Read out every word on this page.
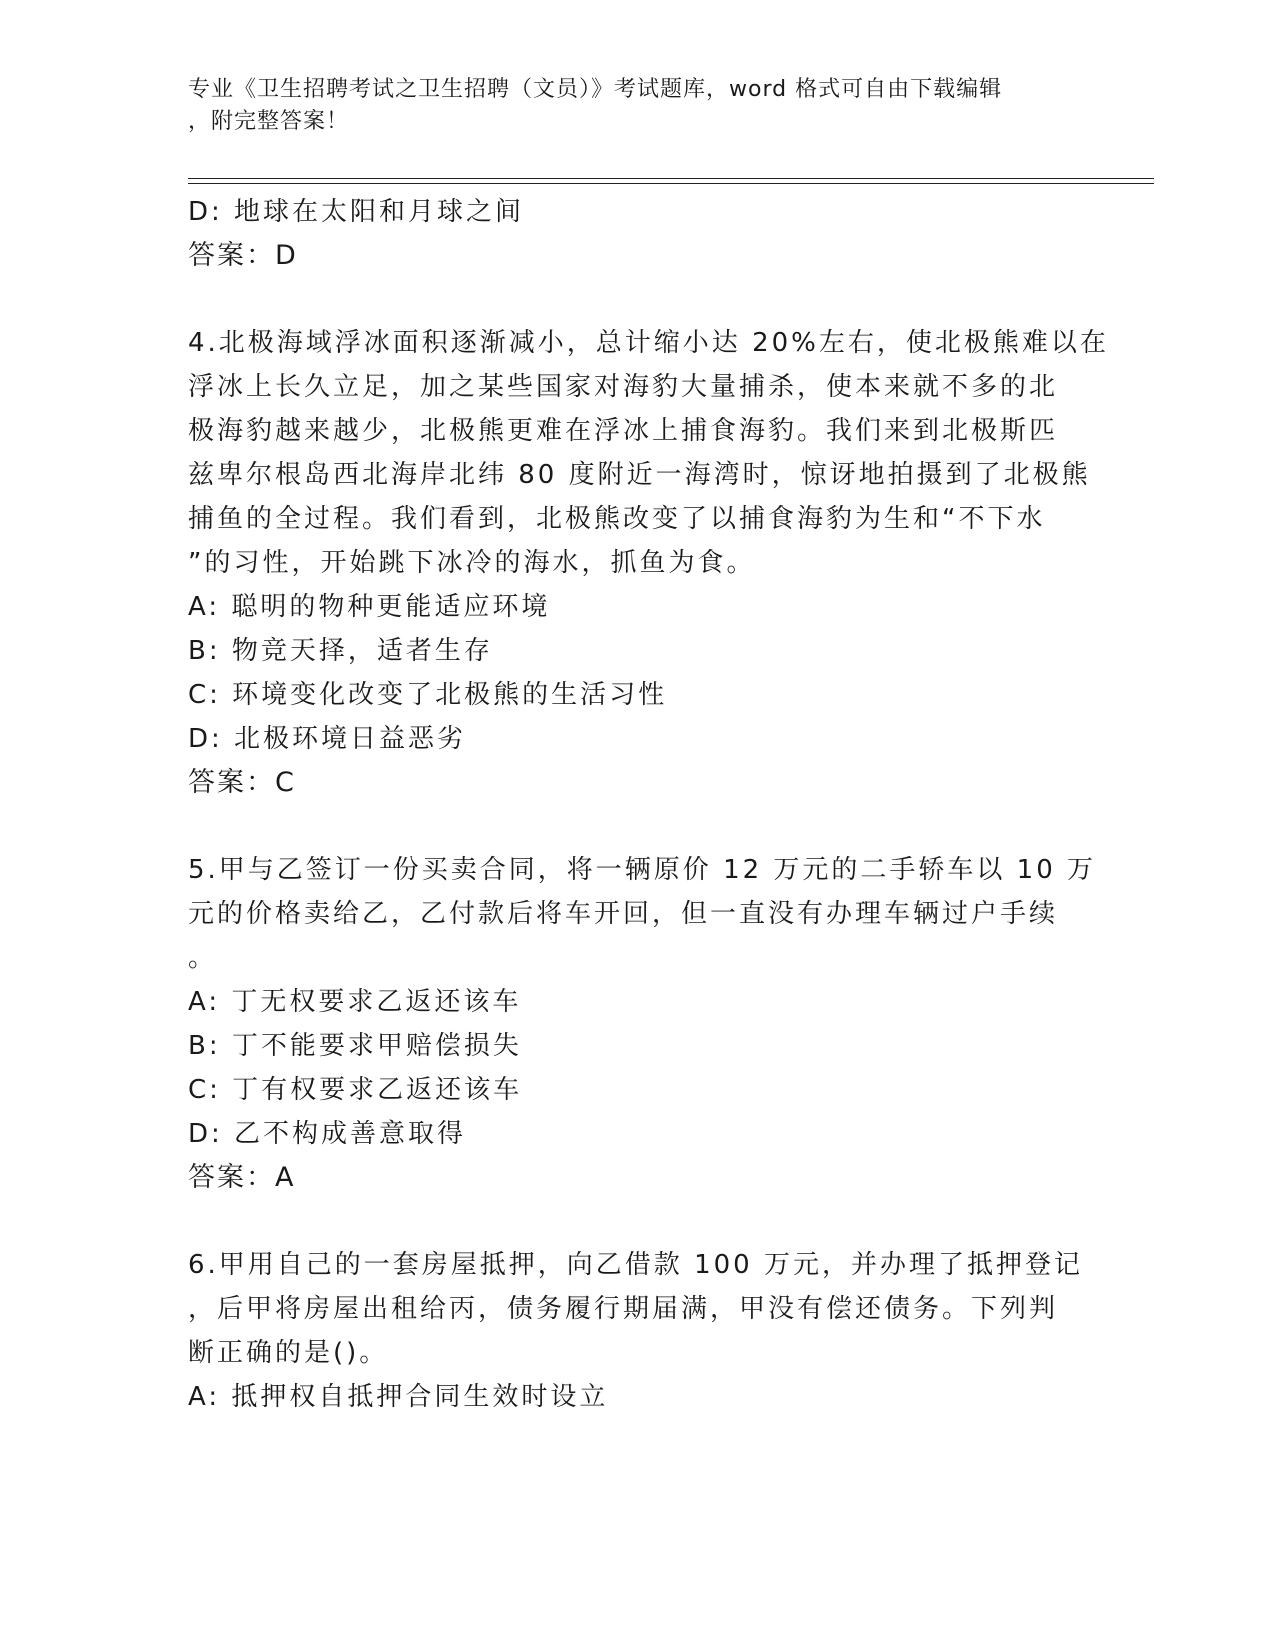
专业《卫生招聘考试之卫生招聘（文员）》考试题库，word 格式可自由下载编辑
，附完整答案！
D: 地球在太阳和月球之间
答案：D
4.北极海域浮冰面积逐渐减小，总计缩小达 20%左右，使北极熊难以在
浮冰上长久立足，加之某些国家对海豹大量捕杀，使本来就不多的北
极海豹越来越少，北极熊更难在浮冰上捕食海豹。我们来到北极斯匹
兹卑尔根岛西北海岸北纬 80 度附近一海湾时，惊讶地拍摄到了北极熊
捕鱼的全过程。我们看到，北极熊改变了以捕食海豹为生和“不下水
”的习性，开始跳下冰冷的海水，抓鱼为食。
A: 聪明的物种更能适应环境
B: 物竞天择，适者生存
C: 环境变化改变了北极熊的生活习性
D: 北极环境日益恶劣
答案：C
5.甲与乙签订一份买卖合同，将一辆原价 12 万元的二手轿车以 10 万
元的价格卖给乙，乙付款后将车开回，但一直没有办理车辆过户手续
。
A: 丁无权要求乙返还该车
B: 丁不能要求甲赔偿损失
C: 丁有权要求乙返还该车
D: 乙不构成善意取得
答案：A
6.甲用自己的一套房屋抵押，向乙借款 100 万元，并办理了抵押登记
，后甲将房屋出租给丙，债务履行期届满，甲没有偿还债务。下列判
断正确的是()。
A: 抵押权自抵押合同生效时设立
